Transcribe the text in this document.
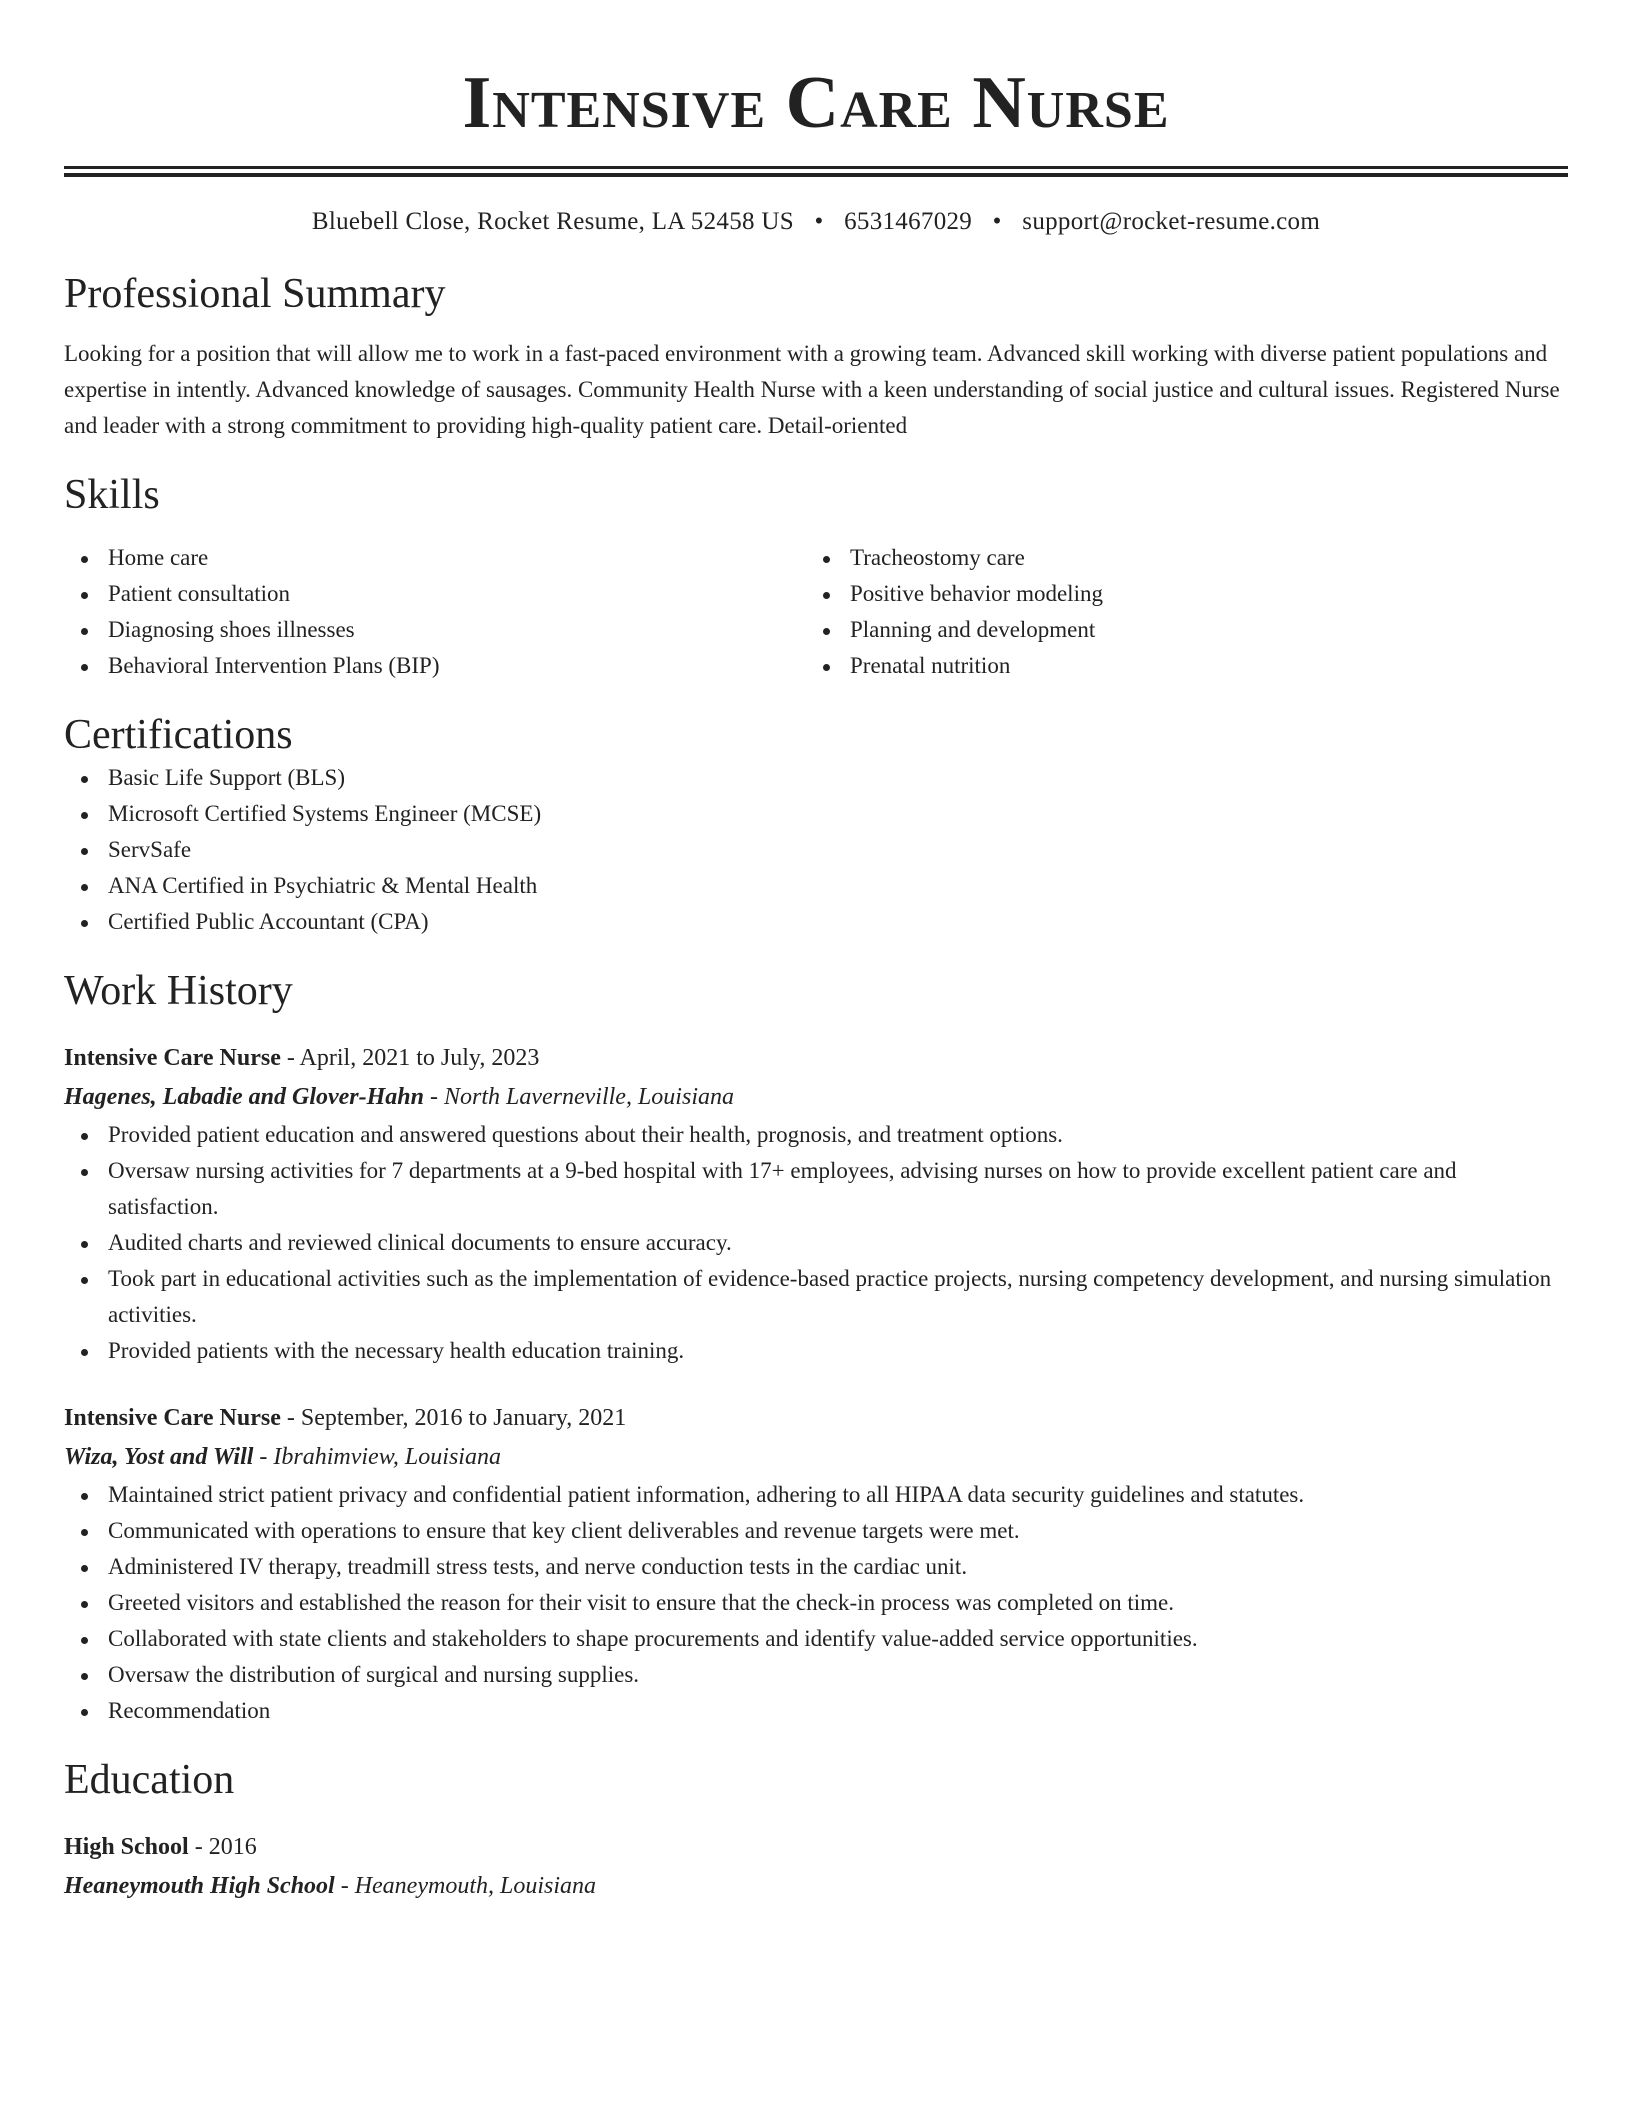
Intensive Care Nurse
Bluebell Close, Rocket Resume, LA 52458 US • 6531467029 • support@rocket-resume.com
Professional Summary
Looking for a position that will allow me to work in a fast-paced environment with a growing team. Advanced skill working with diverse patient populations and expertise in intently. Advanced knowledge of sausages. Community Health Nurse with a keen understanding of social justice and cultural issues. Registered Nurse and leader with a strong commitment to providing high-quality patient care. Detail-oriented
Skills
Home care
Patient consultation
Diagnosing shoes illnesses
Behavioral Intervention Plans (BIP)
Tracheostomy care
Positive behavior modeling
Planning and development
Prenatal nutrition
Certifications
Basic Life Support (BLS)
Microsoft Certified Systems Engineer (MCSE)
ServSafe
ANA Certified in Psychiatric & Mental Health
Certified Public Accountant (CPA)
Work History
Intensive Care Nurse - April, 2021 to July, 2023
Hagenes, Labadie and Glover-Hahn - North Laverneville, Louisiana
Provided patient education and answered questions about their health, prognosis, and treatment options.
Oversaw nursing activities for 7 departments at a 9-bed hospital with 17+ employees, advising nurses on how to provide excellent patient care and satisfaction.
Audited charts and reviewed clinical documents to ensure accuracy.
Took part in educational activities such as the implementation of evidence-based practice projects, nursing competency development, and nursing simulation activities.
Provided patients with the necessary health education training.
Intensive Care Nurse - September, 2016 to January, 2021
Wiza, Yost and Will - Ibrahimview, Louisiana
Maintained strict patient privacy and confidential patient information, adhering to all HIPAA data security guidelines and statutes.
Communicated with operations to ensure that key client deliverables and revenue targets were met.
Administered IV therapy, treadmill stress tests, and nerve conduction tests in the cardiac unit.
Greeted visitors and established the reason for their visit to ensure that the check-in process was completed on time.
Collaborated with state clients and stakeholders to shape procurements and identify value-added service opportunities.
Oversaw the distribution of surgical and nursing supplies.
Recommendation
Education
High School - 2016
Heaneymouth High School - Heaneymouth, Louisiana
